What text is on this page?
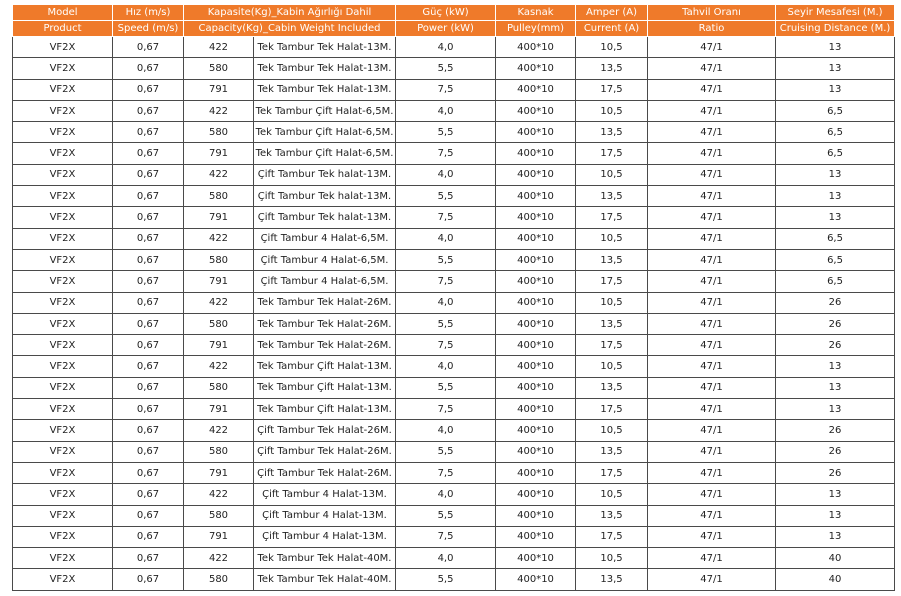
Model	Hız (m/s)	Kapasite(Kg)_Kabin Ağırlığı Dahil		Güç (kW)	Kasnak	Amper (A)	Tahvil Oranı	Seyir Mesafesi (M.)
Product	Speed (m/s)	Capacity(Kg)_Cabin Weight Included		Power (kW)	Pulley(mm)	Current (A)	Ratio	Cruising Distance (M.)
VF2X	0,67	422	Tek Tambur Tek Halat-13M.	4,0	400*10	10,5	47/1	13
VF2X	0,67	580	Tek Tambur Tek Halat-13M.	5,5	400*10	13,5	47/1	13
VF2X	0,67	791	Tek Tambur Tek Halat-13M.	7,5	400*10	17,5	47/1	13
VF2X	0,67	422	Tek Tambur Çift Halat-6,5M.	4,0	400*10	10,5	47/1	6,5
VF2X	0,67	580	Tek Tambur Çift Halat-6,5M.	5,5	400*10	13,5	47/1	6,5
VF2X	0,67	791	Tek Tambur Çift Halat-6,5M.	7,5	400*10	17,5	47/1	6,5
VF2X	0,67	422	Çift Tambur Tek halat-13M.	4,0	400*10	10,5	47/1	13
VF2X	0,67	580	Çift Tambur Tek halat-13M.	5,5	400*10	13,5	47/1	13
VF2X	0,67	791	Çift Tambur Tek halat-13M.	7,5	400*10	17,5	47/1	13
VF2X	0,67	422	Çift Tambur 4 Halat-6,5M.	4,0	400*10	10,5	47/1	6,5
VF2X	0,67	580	Çift Tambur 4 Halat-6,5M.	5,5	400*10	13,5	47/1	6,5
VF2X	0,67	791	Çift Tambur 4 Halat-6,5M.	7,5	400*10	17,5	47/1	6,5
VF2X	0,67	422	Tek Tambur Tek Halat-26M.	4,0	400*10	10,5	47/1	26
VF2X	0,67	580	Tek Tambur Tek Halat-26M.	5,5	400*10	13,5	47/1	26
VF2X	0,67	791	Tek Tambur Tek Halat-26M.	7,5	400*10	17,5	47/1	26
VF2X	0,67	422	Tek Tambur Çift Halat-13M.	4,0	400*10	10,5	47/1	13
VF2X	0,67	580	Tek Tambur Çift Halat-13M.	5,5	400*10	13,5	47/1	13
VF2X	0,67	791	Tek Tambur Çift Halat-13M.	7,5	400*10	17,5	47/1	13
VF2X	0,67	422	Çift Tambur Tek Halat-26M.	4,0	400*10	10,5	47/1	26
VF2X	0,67	580	Çift Tambur Tek Halat-26M.	5,5	400*10	13,5	47/1	26
VF2X	0,67	791	Çift Tambur Tek Halat-26M.	7,5	400*10	17,5	47/1	26
VF2X	0,67	422	Çift Tambur 4 Halat-13M.	4,0	400*10	10,5	47/1	13
VF2X	0,67	580	Çift Tambur 4 Halat-13M.	5,5	400*10	13,5	47/1	13
VF2X	0,67	791	Çift Tambur 4 Halat-13M.	7,5	400*10	17,5	47/1	13
VF2X	0,67	422	Tek Tambur Tek Halat-40M.	4,0	400*10	10,5	47/1	40
VF2X	0,67	580	Tek Tambur Tek Halat-40M.	5,5	400*10	13,5	47/1	40
